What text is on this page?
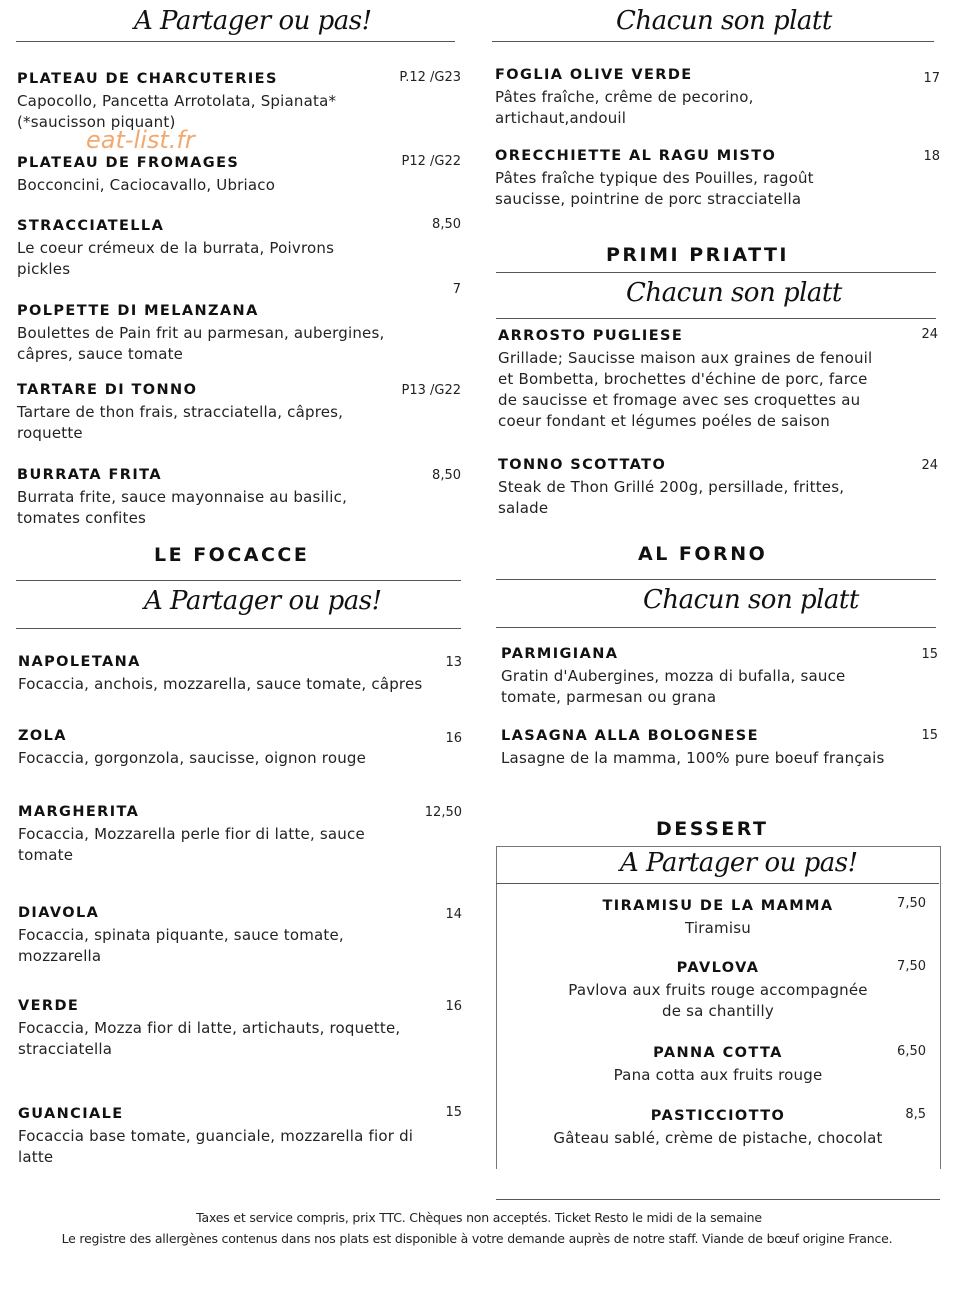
A Partager ou pas!
eat-list.fr
PLATEAU DE CHARCUTERIES
Capocollo, Pancetta Arrotolata, Spianata*
(*saucisson piquant)
P.12 /G23
PLATEAU DE FROMAGES
Bocconcini, Caciocavallo, Ubriaco
P12 /G22
STRACCIATELLA
Le coeur crémeux de la burrata, Poivrons
pickles
8,50
POLPETTE DI MELANZANA
Boulettes de Pain frit au parmesan, aubergines,
câpres, sauce tomate
7
TARTARE DI TONNO
Tartare de thon frais, stracciatella, câpres,
roquette
P13 /G22
BURRATA FRITA
Burrata frite, sauce mayonnaise au basilic,
tomates confites
8,50
LE FOCACCE
A Partager ou pas!
NAPOLETANA
Focaccia, anchois, mozzarella, sauce tomate, câpres
13
ZOLA
Focaccia, gorgonzola, saucisse, oignon rouge
16
MARGHERITA
Focaccia, Mozzarella perle fior di latte, sauce
tomate
12,50
DIAVOLA
Focaccia, spinata piquante, sauce tomate,
mozzarella
14
VERDE
Focaccia, Mozza fior di latte, artichauts, roquette,
stracciatella
16
GUANCIALE
Focaccia base tomate, guanciale, mozzarella fior di latte
15
Chacun son platt
FOGLIA OLIVE VERDE
Pâtes fraîche, crême de pecorino,
artichaut,andouil
17
ORECCHIETTE AL RAGU MISTO
Pâtes fraîche typique des Pouilles, ragoût
saucisse, pointrine de porc stracciatella
18
PRIMI PRIATTI
Chacun son platt
ARROSTO PUGLIESE
Grillade; Saucisse maison aux graines de fenouil
et Bombetta, brochettes d'échine de porc, farce
de saucisse et fromage avec ses croquettes au
coeur fondant et légumes poéles de saison
24
TONNO SCOTTATO
Steak de Thon Grillé 200g, persillade, frittes,
salade
24
AL FORNO
Chacun son platt
PARMIGIANA
Gratin d'Aubergines, mozza di bufalla, sauce
tomate, parmesan ou grana
15
LASAGNA ALLA BOLOGNESE
Lasagne de la mamma, 100% pure boeuf français
15
DESSERT
A Partager ou pas!
TIRAMISU DE LA MAMMA
Tiramisu
7,50
PAVLOVA
Pavlova aux fruits rouge accompagnée
de sa chantilly
7,50
PANNA COTTA
Pana cotta aux fruits rouge
6,50
PASTICCIOTTO
Gâteau sablé, crème de pistache, chocolat
8,5
Taxes et service compris, prix TTC. Chèques non acceptés. Ticket Resto le midi de la semaine
Le registre des allergènes contenus dans nos plats est disponible à votre demande auprès de notre staff. Viande de bœuf origine France.
